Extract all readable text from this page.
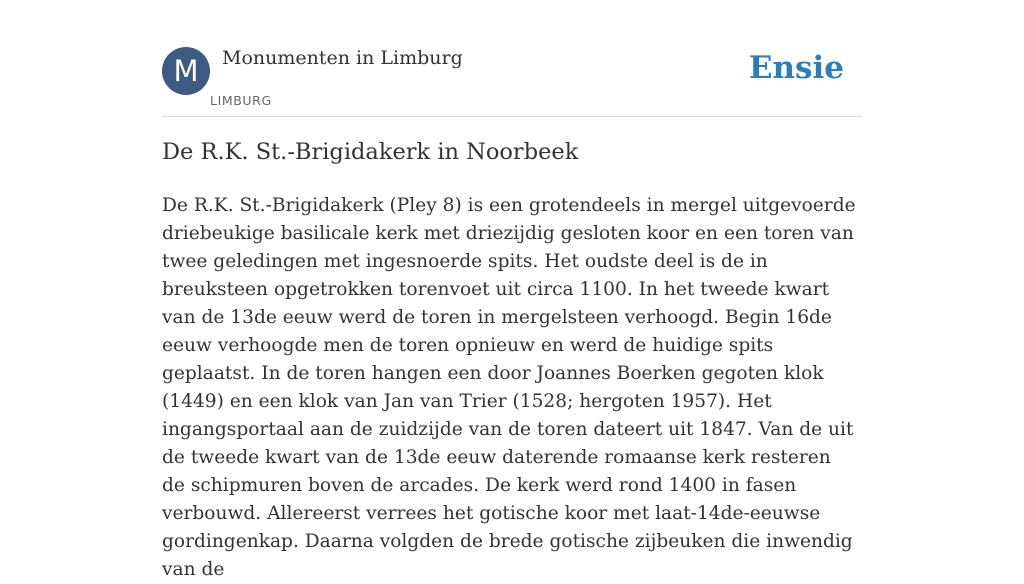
M	Monumenten in Limburg
LIMBURG
Ensie
De R.K. St.-Brigidakerk in Noorbeek

De R.K. St.-Brigidakerk (Pley 8) is een grotendeels in mergel uitgevoerde driebeukige basilicale kerk met driezijdig gesloten koor en een toren van twee geledingen met ingesnoerde spits. Het oudste deel is de in breuksteen opgetrokken torenvoet uit circa 1100. In het tweede kwart van de 13de eeuw werd de toren in mergelsteen verhoogd. Begin 16de eeuw verhoogde men de toren opnieuw en werd de huidige spits geplaatst. In de toren hangen een door Joannes Boerken gegoten klok (1449) en een klok van Jan van Trier (1528; hergoten 1957). Het ingangsportaal aan de zuidzijde van de toren dateert uit 1847. Van de uit de tweede kwart van de 13de eeuw daterende romaanse kerk resteren de schipmuren boven de arcades. De kerk werd rond 1400 in fasen verbouwd. Allereerst verrees het gotische koor met laat-14de-eeuwse gordingenkap. Daarna volgden de brede gotische zijbeuken die inwendig van de
